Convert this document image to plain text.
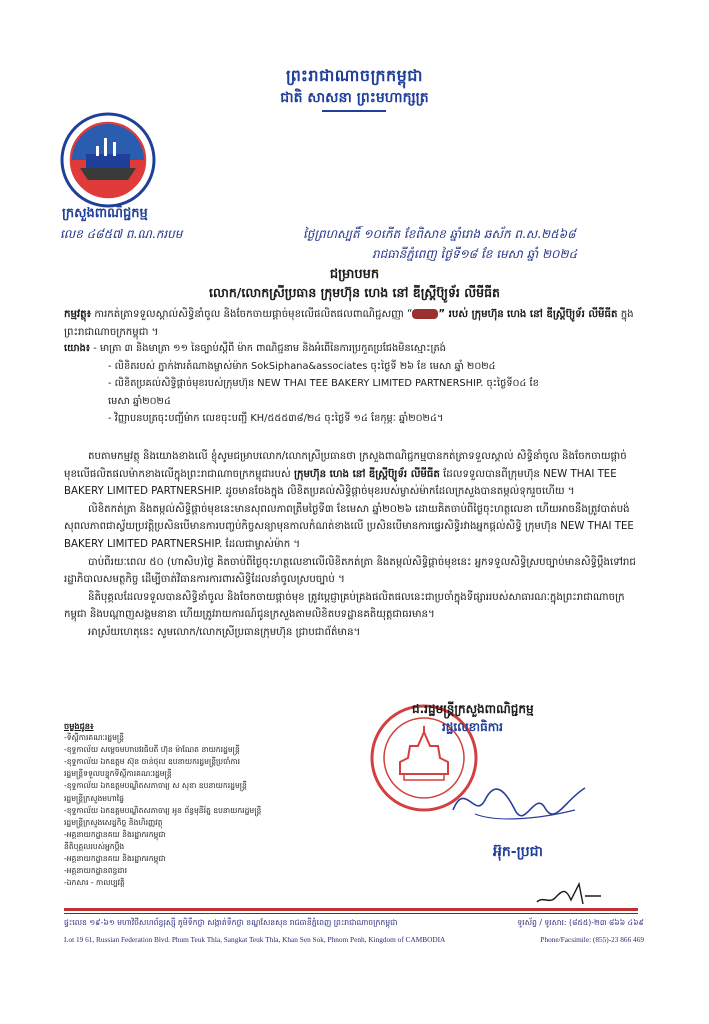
ព្រះរាជាណាចក្រកម្ពុជា
ជាតិ សាសនា ព្រះមហាក្សត្រ
ក្រសួងពាណិជ្ជកម្ម
លេខ ៤៨៥៧ ព.ណ.ករបម	ថ្ងៃព្រហស្បតិ៍ ១០កើត ខែពិសាខ ឆ្នាំរោង ឆស័ក ព.ស.២៥៦៨
រាជធានីភ្នំពេញ ថ្ងៃទី១៨ ខែ មេសា ឆ្នាំ ២០២៤
ជម្រាបមក
លោក/លោកស្រីប្រធាន ក្រុមហ៊ុន ហេង នៅ ឌីស្ត្រីប៊្យូទ័រ លីមីធីត

កម្មវត្ថុ៖ ការកត់ត្រាទទួលស្គាល់សិទ្ធិនាំចូល និងចែកចាយផ្តាច់មុខលើផលិតផលពាណិជ្ជសញ្ញា “	” របស់ ក្រុមហ៊ុន ហេង នៅ ឌីស្ត្រីប៊្យូទ័រ លីមីធីត ក្នុងព្រះរាជាណាចក្រកម្ពុជា ។

យោង៖ - មាត្រា ៣ និងមាត្រា ១១ នៃច្បាប់ស្តីពី ម៉ាក ពាណិជ្ជនាម និងអំពើនៃការប្រកួតប្រជែងមិនស្មោះត្រង់
- លិខិតរបស់ ភ្នាក់ងារតំណាងម្ចាស់ម៉ាក SokSiphana&associates ចុះថ្ងៃទី ២៦ ខែ មេសា ឆ្នាំ ២០២៤
- លិខិតប្រគល់សិទ្ធិផ្តាច់មុខរបស់ក្រុមហ៊ុន NEW THAI TEE BAKERY LIMITED PARTNERSHIP. ចុះថ្ងៃទី០៤ ខែ
មេសា ឆ្នាំ២០២៤
- វិញ្ញាបនបត្រចុះបញ្ជីម៉ាក លេខចុះបញ្ជី KH/៥៥៥៣៨/២៤ ចុះថ្ងៃទី ១៤ ខែកុម្ភៈ ឆ្នាំ២០២៤។

តបតាមកម្មវត្ថុ និងយោងខាងលើ ខ្ញុំសូមជម្រាបលោក/លោកស្រីប្រធានថា ក្រសួងពាណិជ្ជកម្មបានកត់ត្រាទទួលស្គាល់ សិទ្ធិនាំចូល និងចែកចាយផ្តាច់មុខលើផលិតផលម៉ាកខាងលើក្នុងព្រះរាជាណាចក្រកម្ពុជារបស់ ក្រុមហ៊ុន ហេង នៅ ឌីស្ត្រីប៊្យូទ័រ លីមីធីត ដែលទទួលបានពីក្រុមហ៊ុន NEW THAI TEE BAKERY LIMITED PARTNERSHIP. ដូចមានចែងក្នុង លិខិតប្រគល់សិទ្ធិផ្តាច់មុខរបស់ម្ចាស់ម៉ាកដែលក្រសួងបានតម្កល់ទុករួចហើយ ។

លិខិតកត់ត្រា និងតម្កល់សិទ្ធិផ្តាច់មុខនេះមានសុពលភាពត្រឹមថ្ងៃទី៣ ខែមេសា ឆ្នាំ២០២៦ ដោយគិតចាប់ពីថ្ងៃចុះហត្ថលេខា ហើយអាចនឹងត្រូវបាត់បង់សុពលភាពជាស្វ័យប្រវត្តិប្រសិនបើមានការបញ្ចប់កិច្ចសន្យាមុនកាលកំណត់ខាងលើ ប្រសិនបើមានការផ្ទេរសិទ្ធិរវាងអ្នកផ្តល់សិទ្ធិ ក្រុមហ៊ុន NEW THAI TEE BAKERY LIMITED PARTNERSHIP. ដែលជាម្ចាស់ម៉ាក ។

បាប់ពីរយៈពេល ៥០ (ហាសិប)ថ្ងៃ គិតចាប់ពីថ្ងៃចុះហត្ថលេខាលើលិខិតកត់ត្រា និងតម្កល់សិទ្ធិផ្តាច់មុខនេះ អ្នកទទួលសិទ្ធិស្របច្បាប់មានសិទ្ធិប្តឹងទៅរាជរដ្ឋាភិបាលសមត្ថកិច្ច ដើម្បីចាត់វិធានការការពារសិទ្ធិដែលនាំចូលស្របច្បាប់ ។

និតិបុគ្គលដែលទទួលបានសិទ្ធិនាំចូល និងចែកចាយផ្តាច់មុខ ត្រូវប្តេជ្ញាគ្រប់គ្រងផលិតផលនេះជាប្រចាំក្នុងទីផ្សាររបស់សាធារណៈក្នុងព្រះរាជាណាចក្រកម្ពុជា និងបណ្តាញសង្គមនានា ហើយត្រូវរាយការណ៍ជូនក្រសួងតាមលិខិតបទដ្ឋានគតិយុត្តជាធរមាន។

អាស្រ័យហេតុនេះ សូមលោក/លោកស្រីប្រធានក្រុមហ៊ុន ជ្រាបជាព័ត៌មាន។

ចម្លងជូន៖
-ទីស្តីការគណៈរដ្ឋមន្ត្រី
-ខុទ្ទកាល័យ សម្តេចមហាបវរធិបតី ហ៊ុន ម៉ាណែត នាយករដ្ឋមន្ត្រី
-ខុទ្ទកាល័យ ឯកឧត្តម ស៊ុន ចាន់ថុល ឧបនាយករដ្ឋមន្ត្រីប្រចាំការ
រដ្ឋមន្ត្រីទទួលបន្ទុកទីស្តីការគណៈរដ្ឋមន្ត្រី
-ខុទ្ទកាល័យ ឯកឧត្តមបណ្ឌិតសភាចារ្យ ស សុខា ឧបនាយករដ្ឋមន្ត្រី
រដ្ឋមន្ត្រីក្រសួងមហាផ្ទៃ
-ខុទ្ទកាល័យ ឯកឧត្តមបណ្ឌិតសភាចារ្យ អូន ព័ន្ធមុនីរ័ត្ន ឧបនាយករដ្ឋមន្ត្រី
រដ្ឋមន្ត្រីក្រសួងសេដ្ឋកិច្ច និងហិរញ្ញវត្ថុ
-អគ្គនាយកដ្ឋានគយ និងរដ្ឋាករកម្ពុជា
នីតិបុគ្គលរបស់អ្នកប្តឹង
-អគ្គនាយកដ្ឋានគយ និងរដ្ឋាករកម្ពុជា
-អគ្គនាយកដ្ឋានពន្ធដារ
-ឯកសារ - កាលប្បវត្តិ
ជ.រដ្ឋមន្ត្រីក្រសួងពាណិជ្ជកម្ម
រដ្ឋលេខាធិការ
អ៊ុក-ប្រជា
ផ្ទះលេខ ១៩-៦១ មហាវិថីសហព័ន្ធរុស្ស៊ី ភូមិទឹកថ្លា សង្កាត់ទឹកថ្លា ខណ្ឌសែនសុខ រាជធានីភ្នំពេញ ព្រះរាជាណាចក្រកម្ពុជា	ទូរស័ព្ទ / ទូរសារ: (៨៥៥)-២៣ ៨៦៦ ៤៦៩
Lot 19 61, Russian Federation Blvd. Phum Teuk Thla, Sangkat Teuk Thla, Khan Sen Sok, Phnom Penh, Kingdom of CAMBODIA	Phone/Facsimile: (855)-23 866 469
